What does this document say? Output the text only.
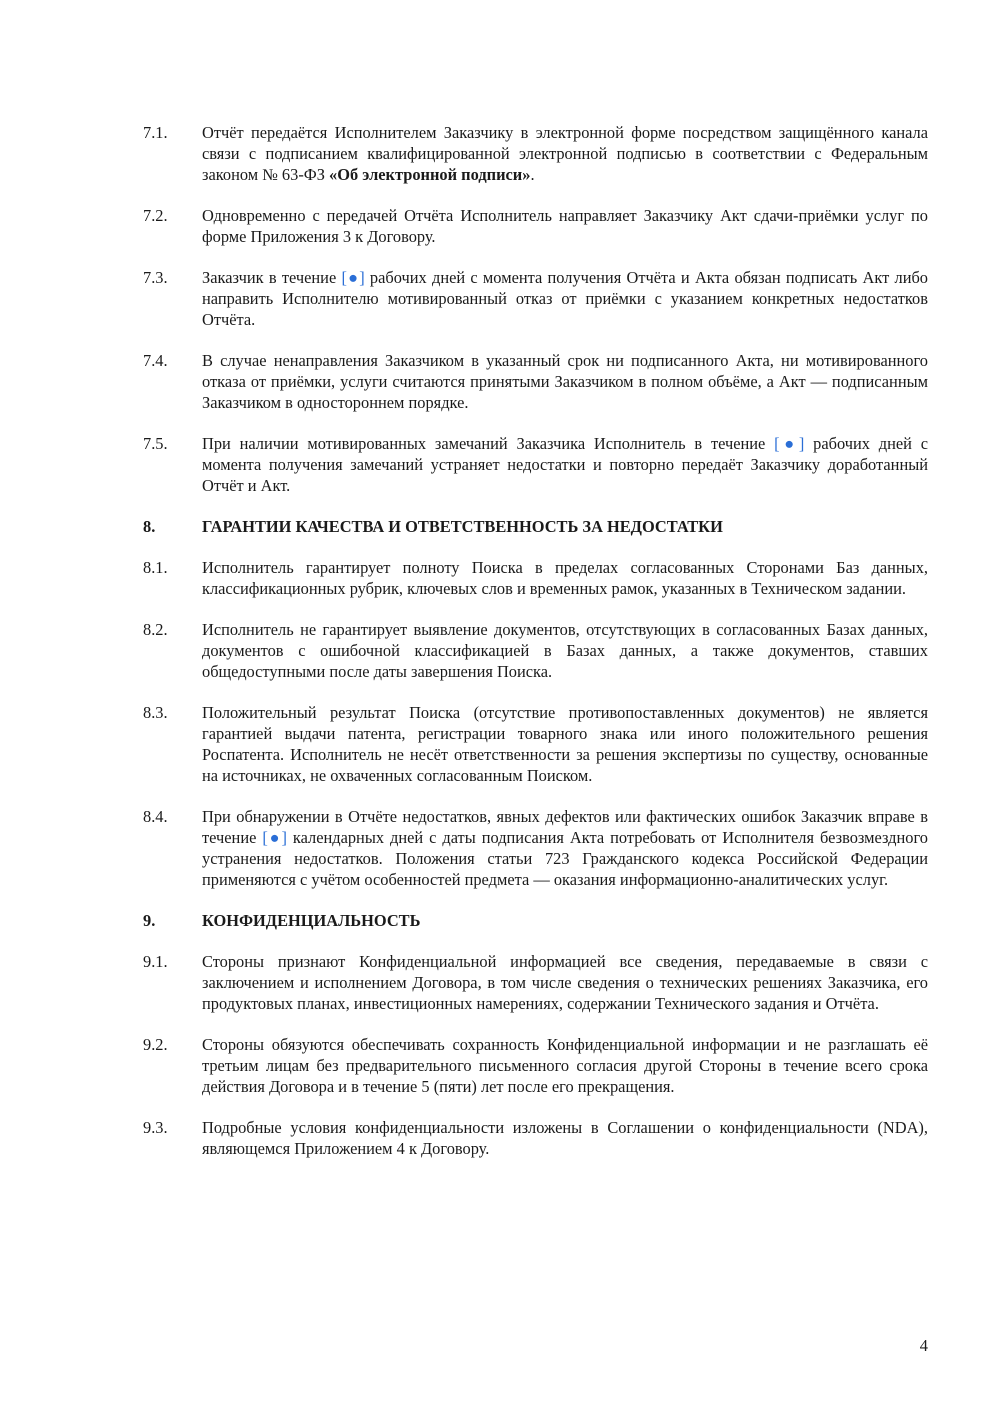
7.1.	Отчёт передаётся Исполнителем Заказчику в электронной форме посредством защищённого канала связи с подписанием квалифицированной электронной подписью в соответствии с Федеральным законом № 63-ФЗ «Об электронной подписи».
7.2.	Одновременно с передачей Отчёта Исполнитель направляет Заказчику Акт сдачи-приёмки услуг по форме Приложения 3 к Договору.
7.3.	Заказчик в течение [●] рабочих дней с момента получения Отчёта и Акта обязан подписать Акт либо направить Исполнителю мотивированный отказ от приёмки с указанием конкретных недостатков Отчёта.
7.4.	В случае ненаправления Заказчиком в указанный срок ни подписанного Акта, ни мотивированного отказа от приёмки, услуги считаются принятыми Заказчиком в полном объёме, а Акт — подписанным Заказчиком в одностороннем порядке.
7.5.	При наличии мотивированных замечаний Заказчика Исполнитель в течение [●] рабочих дней с момента получения замечаний устраняет недостатки и повторно передаёт Заказчику доработанный Отчёт и Акт.
8.	ГАРАНТИИ КАЧЕСТВА И ОТВЕТСТВЕННОСТЬ ЗА НЕДОСТАТКИ
8.1.	Исполнитель гарантирует полноту Поиска в пределах согласованных Сторонами Баз данных, классификационных рубрик, ключевых слов и временных рамок, указанных в Техническом задании.
8.2.	Исполнитель не гарантирует выявление документов, отсутствующих в согласованных Базах данных, документов с ошибочной классификацией в Базах данных, а также документов, ставших общедоступными после даты завершения Поиска.
8.3.	Положительный результат Поиска (отсутствие противопоставленных документов) не является гарантией выдачи патента, регистрации товарного знака или иного положительного решения Роспатента. Исполнитель не несёт ответственности за решения экспертизы по существу, основанные на источниках, не охваченных согласованным Поиском.
8.4.	При обнаружении в Отчёте недостатков, явных дефектов или фактических ошибок Заказчик вправе в течение [●] календарных дней с даты подписания Акта потребовать от Исполнителя безвозмездного устранения недостатков. Положения статьи 723 Гражданского кодекса Российской Федерации применяются с учётом особенностей предмета — оказания информационно-аналитических услуг.
9.	КОНФИДЕНЦИАЛЬНОСТЬ
9.1.	Стороны признают Конфиденциальной информацией все сведения, передаваемые в связи с заключением и исполнением Договора, в том числе сведения о технических решениях Заказчика, его продуктовых планах, инвестиционных намерениях, содержании Технического задания и Отчёта.
9.2.	Стороны обязуются обеспечивать сохранность Конфиденциальной информации и не разглашать её третьим лицам без предварительного письменного согласия другой Стороны в течение всего срока действия Договора и в течение 5 (пяти) лет после его прекращения.
9.3.	Подробные условия конфиденциальности изложены в Соглашении о конфиденциальности (NDA), являющемся Приложением 4 к Договору.
4
